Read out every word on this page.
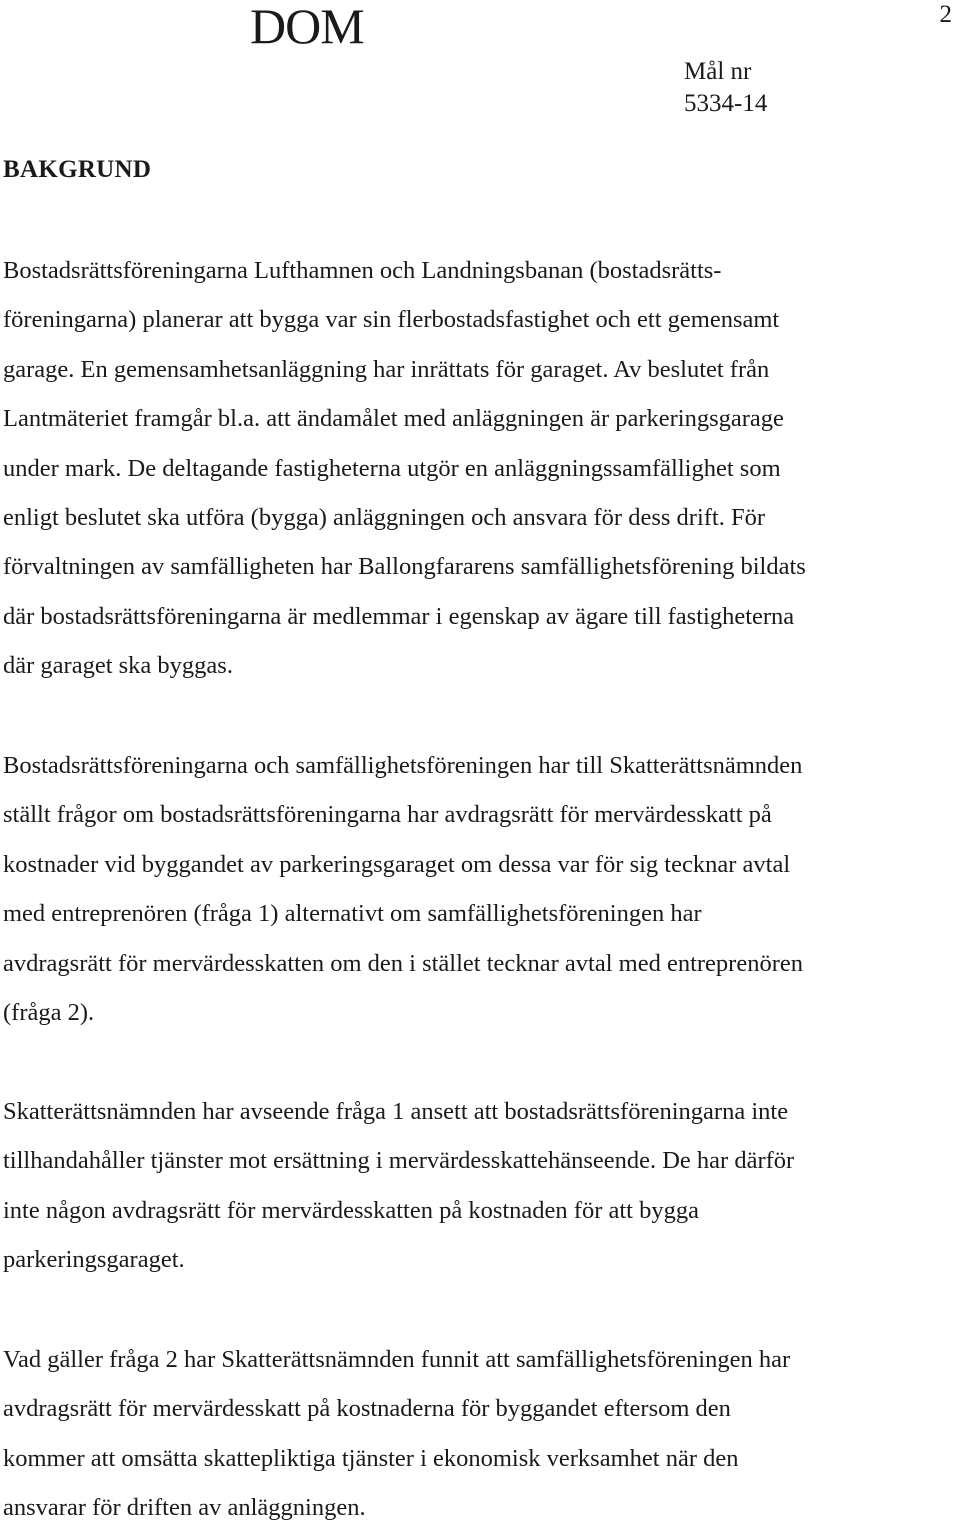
DOM	2
Mål nr
5334-14
BAKGRUND
Bostadsrättsföreningarna Lufthamnen och Landningsbanan (bostadsrätts-
föreningarna) planerar att bygga var sin flerbostadsfastighet och ett gemensamt
garage. En gemensamhetsanläggning har inrättats för garaget. Av beslutet från
Lantmäteriet framgår bl.a. att ändamålet med anläggningen är parkeringsgarage
under mark. De deltagande fastigheterna utgör en anläggningssamfällighet som
enligt beslutet ska utföra (bygga) anläggningen och ansvara för dess drift. För
förvaltningen av samfälligheten har Ballongfararens samfällighetsförening bildats
där bostadsrättsföreningarna är medlemmar i egenskap av ägare till fastigheterna
där garaget ska byggas.
Bostadsrättsföreningarna och samfällighetsföreningen har till Skatterättsnämnden
ställt frågor om bostadsrättsföreningarna har avdragsrätt för mervärdesskatt på
kostnader vid byggandet av parkeringsgaraget om dessa var för sig tecknar avtal
med entreprenören (fråga 1) alternativt om samfällighetsföreningen har
avdragsrätt för mervärdesskatten om den i stället tecknar avtal med entreprenören
(fråga 2).
Skatterättsnämnden har avseende fråga 1 ansett att bostadsrättsföreningarna inte
tillhandahåller tjänster mot ersättning i mervärdesskattehänseende. De har därför
inte någon avdragsrätt för mervärdesskatten på kostnaden för att bygga
parkeringsgaraget.
Vad gäller fråga 2 har Skatterättsnämnden funnit att samfällighetsföreningen har
avdragsrätt för mervärdesskatt på kostnaderna för byggandet eftersom den
kommer att omsätta skattepliktiga tjänster i ekonomisk verksamhet när den
ansvarar för driften av anläggningen.
